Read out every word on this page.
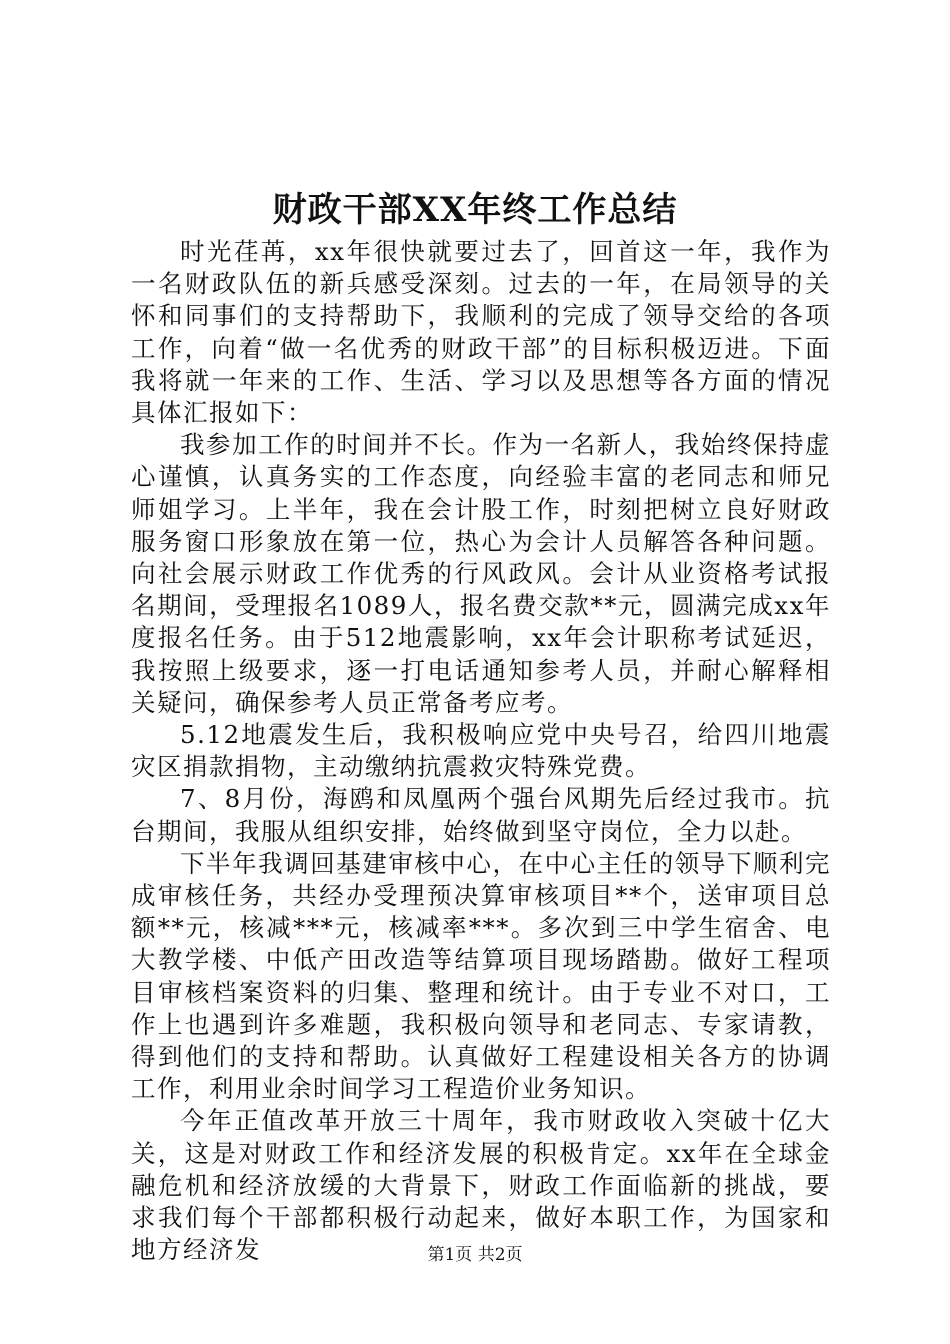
财政干部XX年终工作总结

时光荏苒，xx年很快就要过去了，回首这一年，我作为一名财政队伍的新兵感受深刻。过去的一年，在局领导的关怀和同事们的支持帮助下，我顺利的完成了领导交给的各项工作，向着“做一名优秀的财政干部”的目标积极迈进。下面我将就一年来的工作、生活、学习以及思想等各方面的情况具体汇报如下：

我参加工作的时间并不长。作为一名新人，我始终保持虚心谨慎，认真务实的工作态度，向经验丰富的老同志和师兄师姐学习。上半年，我在会计股工作，时刻把树立良好财政服务窗口形象放在第一位，热心为会计人员解答各种问题。向社会展示财政工作优秀的行风政风。会计从业资格考试报名期间，受理报名1089人，报名费交款**元，圆满完成xx年度报名任务。由于512地震影响，xx年会计职称考试延迟，我按照上级要求，逐一打电话通知参考人员，并耐心解释相关疑问，确保参考人员正常备考应考。

5.12地震发生后，我积极响应党中央号召，给四川地震灾区捐款捐物，主动缴纳抗震救灾特殊党费。

7、8月份，海鸥和凤凰两个强台风期先后经过我市。抗台期间，我服从组织安排，始终做到坚守岗位，全力以赴。

下半年我调回基建审核中心，在中心主任的领导下顺利完成审核任务，共经办受理预决算审核项目**个，送审项目总额**元，核减***元，核减率***。多次到三中学生宿舍、电大教学楼、中低产田改造等结算项目现场踏勘。做好工程项目审核档案资料的归集、整理和统计。由于专业不对口，工作上也遇到许多难题，我积极向领导和老同志、专家请教，得到他们的支持和帮助。认真做好工程建设相关各方的协调工作，利用业余时间学习工程造价业务知识。

今年正值改革开放三十周年，我市财政收入突破十亿大关，这是对财政工作和经济发展的积极肯定。xx年在全球金融危机和经济放缓的大背景下，财政工作面临新的挑战，要求我们每个干部都积极行动起来，做好本职工作，为国家和地方经济发	第1页 共2页
